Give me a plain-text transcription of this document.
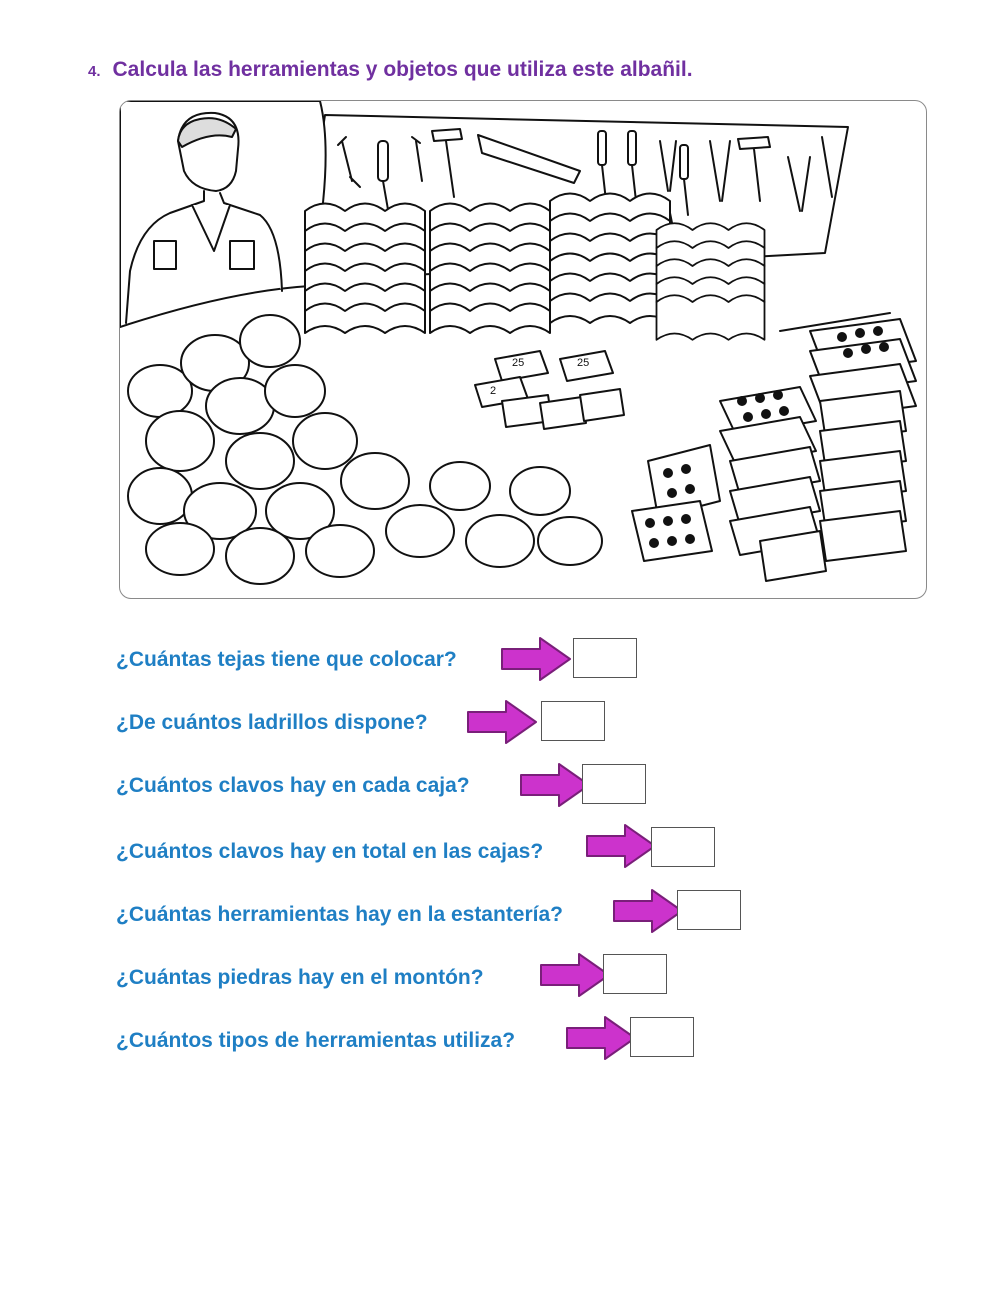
4. Calcula las herramientas y objetos que utiliza este albañil.
25	25
2
¿Cuántas tejas tiene que colocar?
¿De cuántos ladrillos dispone?
¿Cuántos clavos hay en cada caja?
¿Cuántos clavos hay en total en las cajas?
¿Cuántas herramientas hay en la estantería?
¿Cuántas piedras hay en el montón?
¿Cuántos tipos de herramientas utiliza?
